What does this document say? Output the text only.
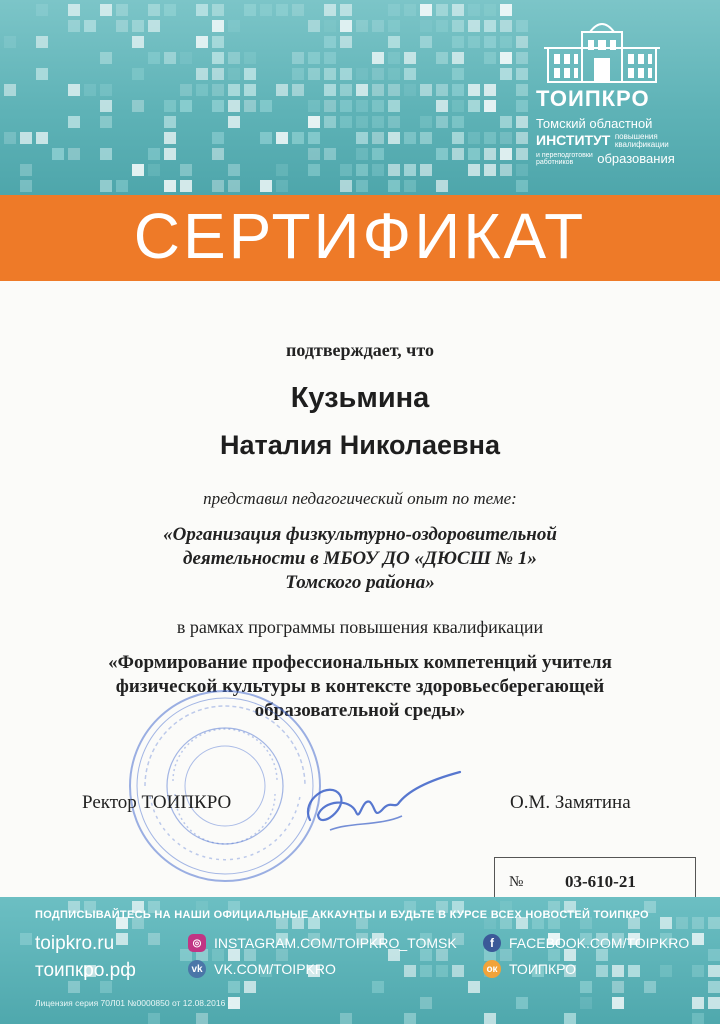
ТОИПКРО
Томский областной
ИНСТИТУТ повышения
квалификации
и переподготовки
работников образования
СЕРТИФИКАТ
подтверждает, что
Кузьмина
Наталия Николаевна
представил педагогический опыт по теме:
«Организация физкультурно-оздоровительной
деятельности в МБОУ ДО «ДЮСШ № 1»
Томского района»
в рамках программы повышения квалификации
«Формирование профессиональных компетенций учителя
физической культуры в контексте здоровьесберегающей
образовательной среды»
Ректор ТОИПКРО	О.М. Замятина
№ 03-610-21
ПОДПИСЫВАЙТЕСЬ НА НАШИ ОФИЦИАЛЬНЫЕ АККАУНТЫ И БУДЬТЕ В КУРСЕ ВСЕХ НОВОСТЕЙ ТОИПКРО
toipkro.ru
тоипкро.рф
◎ INSTAGRAM.COM/TOIPKRO_TOMSK
vk VK.COM/TOIPKRO
f	FACEBOOK.COM/TOIPKRO
ок ТОИПКРО
Лицензия серия 70Л01 №0000850 от 12.08.2016 г.
